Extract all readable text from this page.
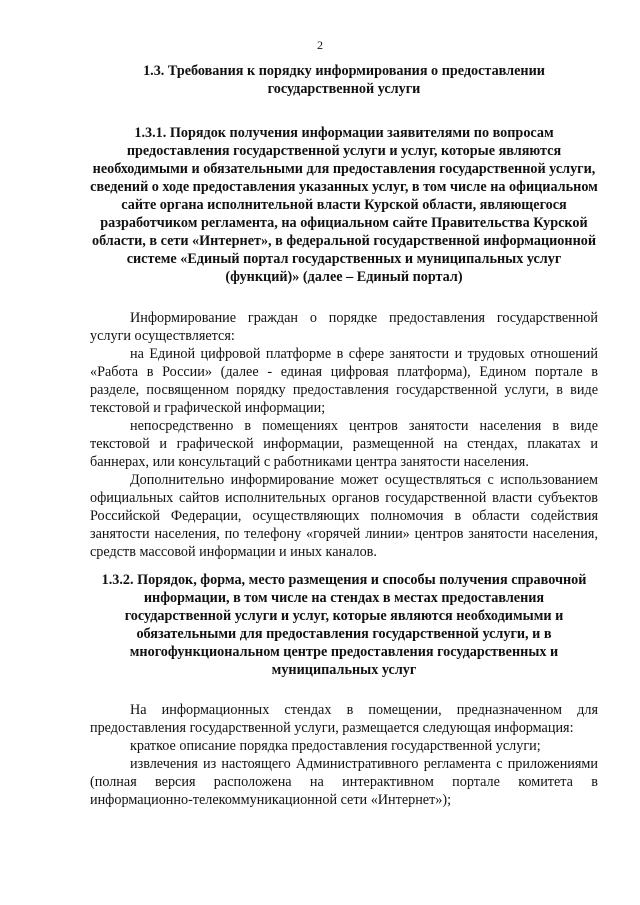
2
1.3. Требования к порядку информирования о предоставлении государственной услуги
1.3.1. Порядок получения информации заявителями по вопросам предоставления государственной услуги и услуг, которые являются необходимыми и обязательными для предоставления государственной услуги, сведений о ходе предоставления указанных услуг, в том числе на официальном сайте органа исполнительной власти Курской области, являющегося разработчиком регламента, на официальном сайте Правительства Курской области, в сети «Интернет», в федеральной государственной информационной системе «Единый портал государственных и муниципальных услуг (функций)» (далее – Единый портал)

Информирование граждан о порядке предоставления государственной услуги осуществляется:

на Единой цифровой платформе в сфере занятости и трудовых отношений «Работа в России» (далее - единая цифровая платформа), Едином портале в разделе, посвященном порядку предоставления государственной услуги, в виде текстовой и графической информации;

непосредственно в помещениях центров занятости населения в виде текстовой и графической информации, размещенной на стендах, плакатах и баннерах, или консультаций с работниками центра занятости населения.

Дополнительно информирование может осуществляться с использованием официальных сайтов исполнительных органов государственной власти субъектов Российской Федерации, осуществляющих полномочия в области содействия занятости населения, по телефону «горячей линии» центров занятости населения, средств массовой информации и иных каналов.

1.3.2. Порядок, форма, место размещения и способы получения справочной информации, в том числе на стендах в местах предоставления государственной услуги и услуг, которые являются необходимыми и обязательными для предоставления государственной услуги, и в многофункциональном центре предоставления государственных и муниципальных услуг

На информационных стендах в помещении, предназначенном для предоставления государственной услуги, размещается следующая информация:

краткое описание порядка предоставления государственной услуги;

извлечения из настоящего Административного регламента с приложениями (полная версия расположена на интерактивном портале комитета в информационно-телекоммуникационной сети «Интернет»);
